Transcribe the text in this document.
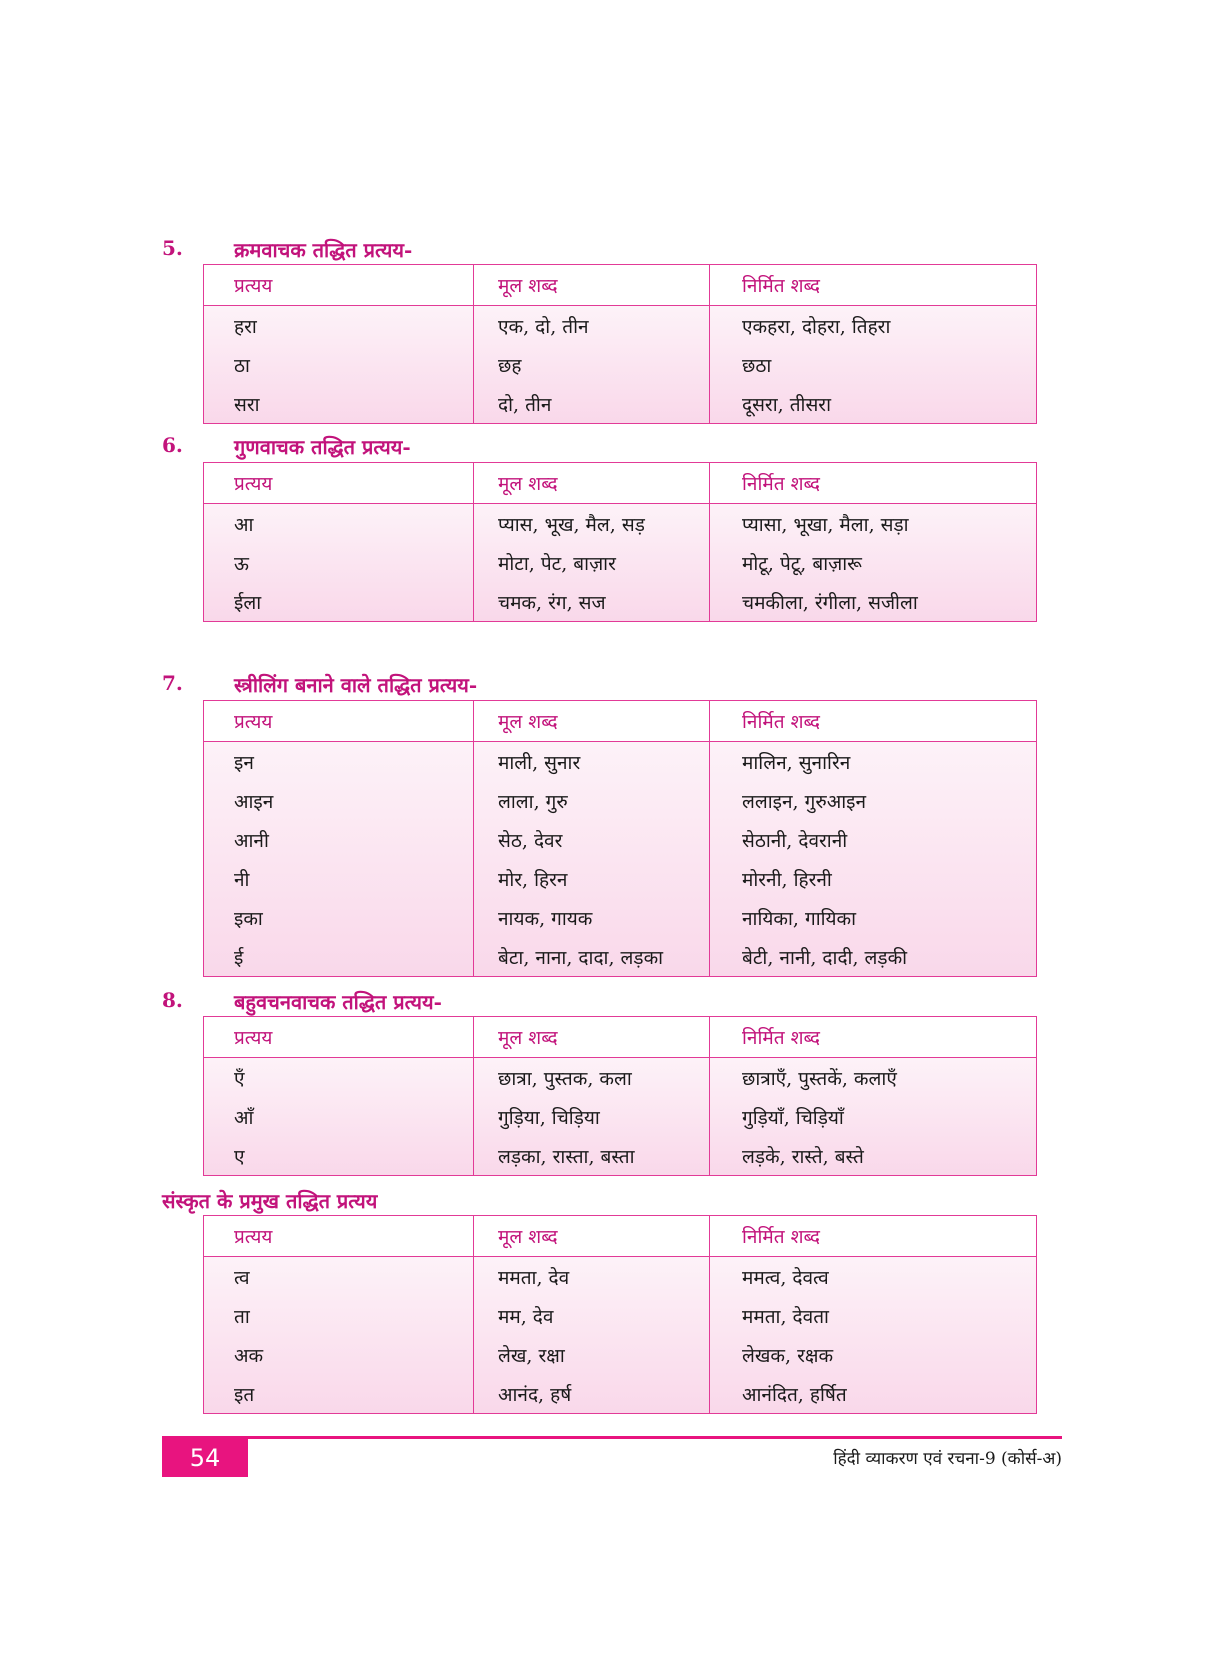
5.	क्रमवाचक तद्धित प्रत्यय-
प्रत्यय	मूल शब्द	निर्मित शब्द
हरा	एक, दो, तीन	एकहरा, दोहरा, तिहरा
ठा	छह	छठा
सरा	दो, तीन	दूसरा, तीसरा
6.	गुणवाचक तद्धित प्रत्यय-
प्रत्यय	मूल शब्द	निर्मित शब्द
आ	प्यास, भूख, मैल, सड़	प्यासा, भूखा, मैला, सड़ा
ऊ	मोटा, पेट, बाज़ार	मोटू, पेटू, बाज़ारू
ईला	चमक, रंग, सज	चमकीला, रंगीला, सजीला
7.	स्त्रीलिंग बनाने वाले तद्धित प्रत्यय-
प्रत्यय	मूल शब्द	निर्मित शब्द
इन	माली, सुनार	मालिन, सुनारिन
आइन	लाला, गुरु	ललाइन, गुरुआइन
आनी	सेठ, देवर	सेठानी, देवरानी
नी	मोर, हिरन	मोरनी, हिरनी
इका	नायक, गायक	नायिका, गायिका
ई	बेटा, नाना, दादा, लड़का	बेटी, नानी, दादी, लड़की
8.	बहुवचनवाचक तद्धित प्रत्यय-
प्रत्यय	मूल शब्द	निर्मित शब्द
एँ	छात्रा, पुस्तक, कला	छात्राएँ, पुस्तकें, कलाएँ
आँ	गुड़िया, चिड़िया	गुड़ियाँ, चिड़ियाँ
ए	लड़का, रास्ता, बस्ता	लड़के, रास्ते, बस्ते
संस्कृत के प्रमुख तद्धित प्रत्यय
प्रत्यय	मूल शब्द	निर्मित शब्द
त्व	ममता, देव	ममत्व, देवत्व
ता	मम, देव	ममता, देवता
अक	लेख, रक्षा	लेखक, रक्षक
इत	आनंद, हर्ष	आनंदित, हर्षित
54	हिंदी व्याकरण एवं रचना-9 (कोर्स-अ)
